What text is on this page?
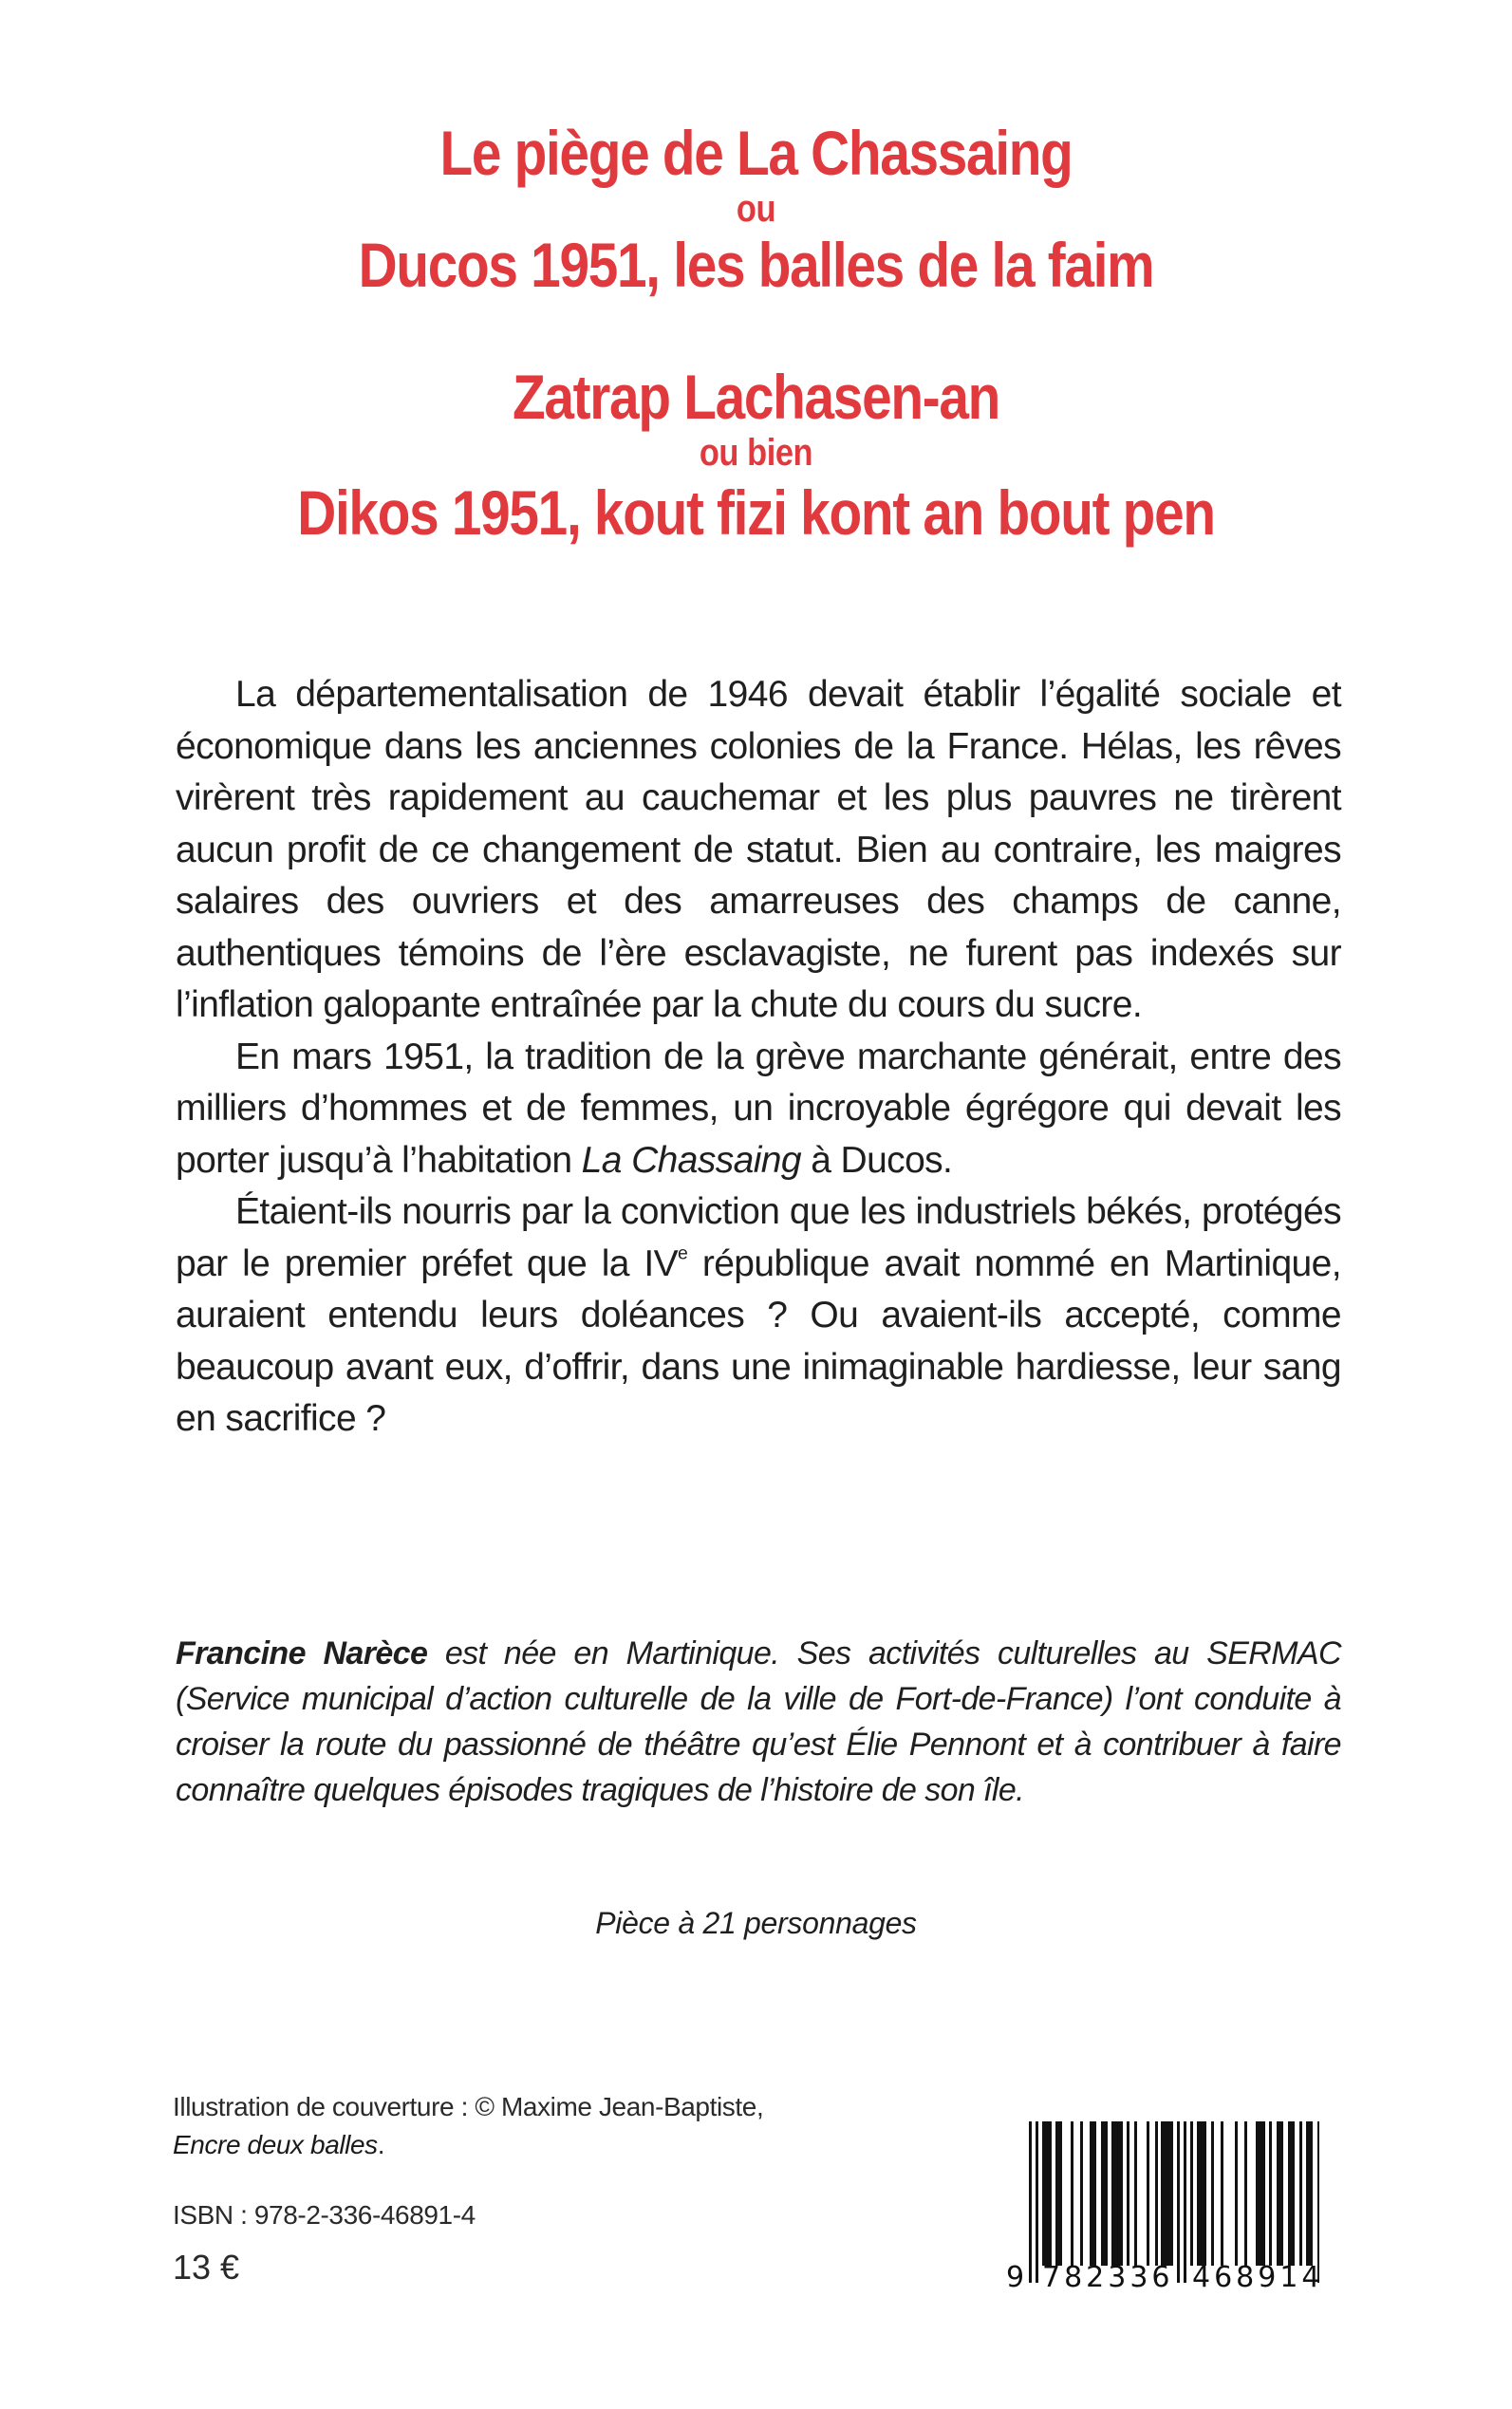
Le piège de La Chassaing
ou
Ducos 1951, les balles de la faim
Zatrap Lachasen-an
ou bien
Dikos 1951, kout fizi kont an bout pen

La départementalisation de 1946 devait établir l’égalité sociale et économique dans les anciennes colonies de la France. Hélas, les rêves virèrent très rapidement au cauchemar et les plus pauvres ne tirèrent aucun profit de ce changement de statut. Bien au contraire, les maigres salaires des ouvriers et des amarreuses des champs de canne, authentiques témoins de l’ère esclavagiste, ne furent pas indexés sur l’inflation galopante entraînée par la chute du cours du sucre.

En mars 1951, la tradition de la grève marchante générait, entre des milliers d’hommes et de femmes, un incroyable égrégore qui devait les porter jusqu’à l’habitation La Chassaing à Ducos.

Étaient-ils nourris par la conviction que les industriels békés, protégés par le premier préfet que la IVe république avait nommé en Martinique, auraient entendu leurs doléances ? Ou avaient-ils accepté, comme beaucoup avant eux, d’offrir, dans une inimaginable hardiesse, leur sang en sacrifice ?

Francine Narèce est née en Martinique. Ses activités culturelles au SERMAC (Service municipal d’action culturelle de la ville de Fort-de-France) l’ont conduite à croiser la route du passionné de théâtre qu’est Élie Pennont et à contribuer à faire connaître quelques épisodes tragiques de l’histoire de son île.
Pièce à 21 personnages
Illustration de couverture : © Maxime Jean-Baptiste,
Encre deux balles.
ISBN : 978-2-336-46891-4
13 €	9 782336 468914
